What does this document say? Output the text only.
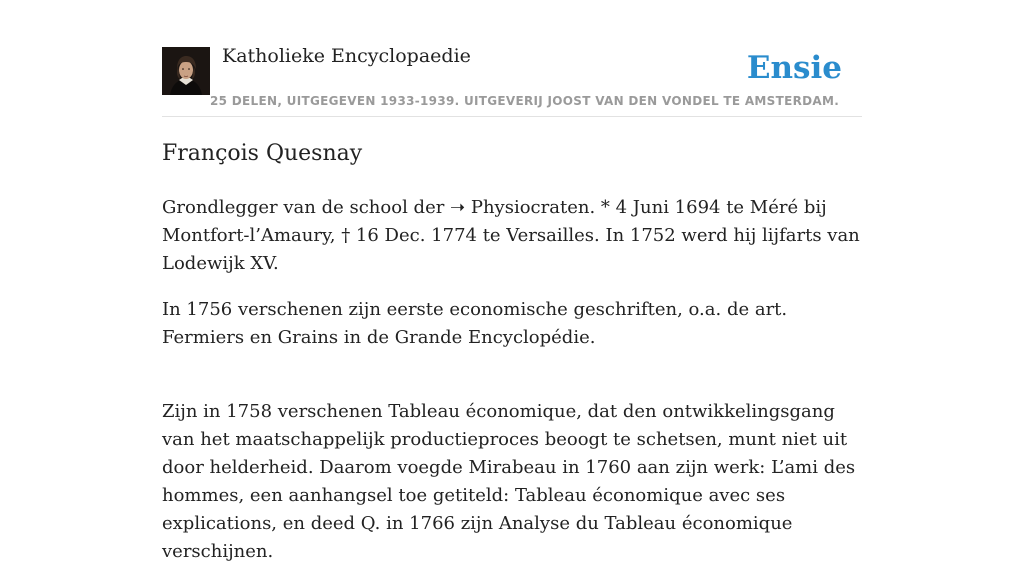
Katholieke Encyclopaedie
25 DELEN, UITGEGEVEN 1933-1939. UITGEVERIJ JOOST VAN DEN VONDEL TE AMSTERDAM.
Ensie
François Quesnay

Grondlegger van de school der ➝ Physiocraten. * 4 Juni 1694 te Méré bij Montfort-l’Amaury, † 16 Dec. 1774 te Versailles. In 1752 werd hij lijfarts van Lodewijk XV.

In 1756 verschenen zijn eerste economische geschriften, o.a. de art. Fermiers en Grains in de Grande Encyclopédie.

Zijn in 1758 verschenen Tableau économique, dat den ontwikkelingsgang van het maatschappelijk productieproces beoogt te schetsen, munt niet uit door helderheid. Daarom voegde Mirabeau in 1760 aan zijn werk: L’ami des hommes, een aanhangsel toe getiteld: Tableau économique avec ses explications, en deed Q. in 1766 zijn Analyse du Tableau économique verschijnen.
